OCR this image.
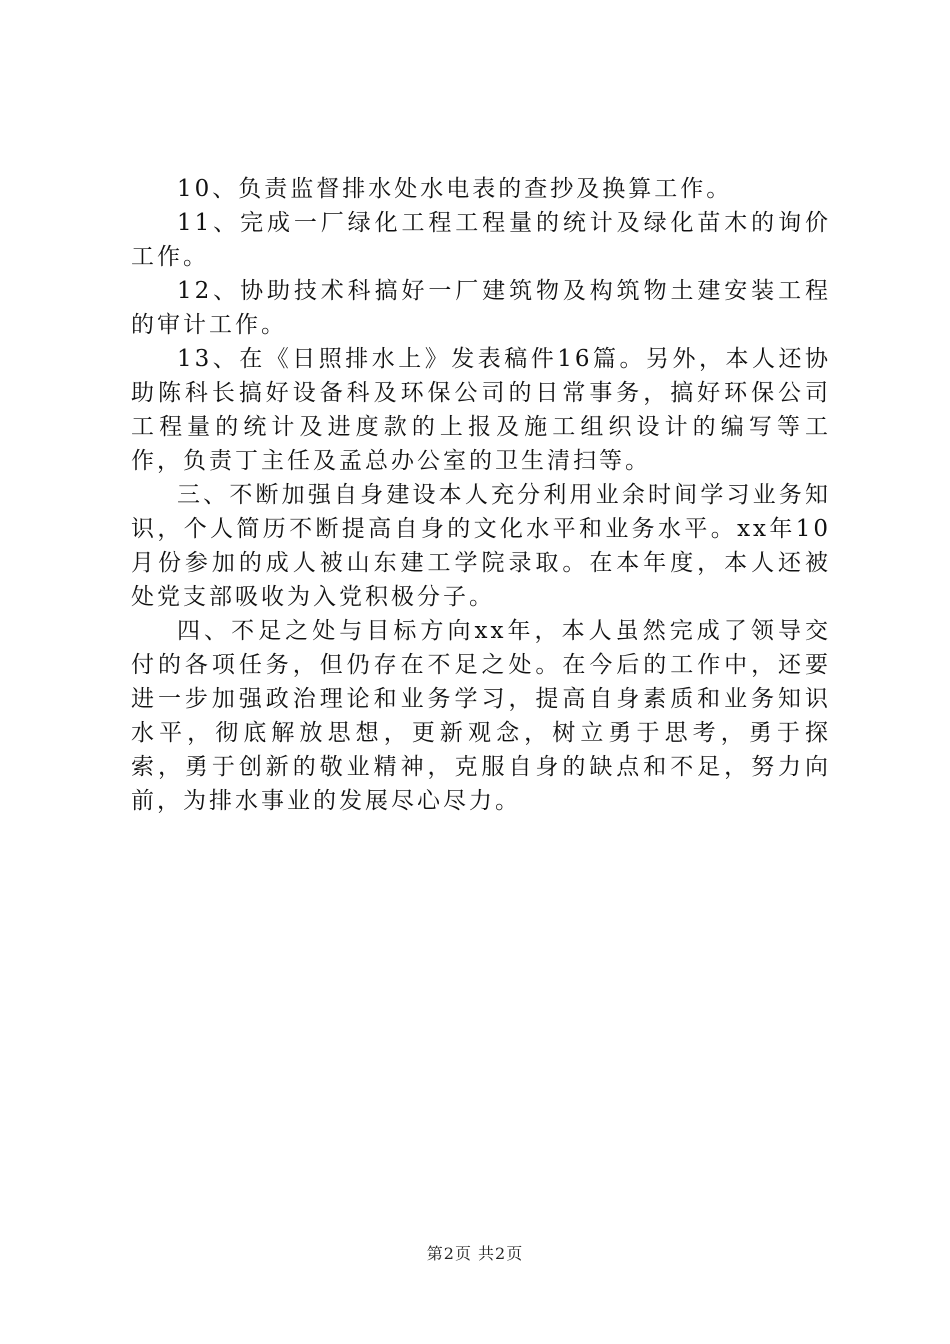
10、负责监督排水处水电表的查抄及换算工作。

11、完成一厂绿化工程工程量的统计及绿化苗木的询价工作。

12、协助技术科搞好一厂建筑物及构筑物土建安装工程的审计工作。

13、在《日照排水上》发表稿件16篇。另外，本人还协助陈科长搞好设备科及环保公司的日常事务，搞好环保公司工程量的统计及进度款的上报及施工组织设计的编写等工作，负责丁主任及孟总办公室的卫生清扫等。

三、不断加强自身建设本人充分利用业余时间学习业务知识，个人简历不断提高自身的文化水平和业务水平。xx年10月份参加的成人被山东建工学院录取。在本年度，本人还被处党支部吸收为入党积极分子。

四、不足之处与目标方向xx年，本人虽然完成了领导交付的各项任务，但仍存在不足之处。在今后的工作中，还要进一步加强政治理论和业务学习，提高自身素质和业务知识水平，彻底解放思想，更新观念，树立勇于思考，勇于探索，勇于创新的敬业精神，克服自身的缺点和不足，努力向前，为排水事业的发展尽心尽力。

第2页 共2页
